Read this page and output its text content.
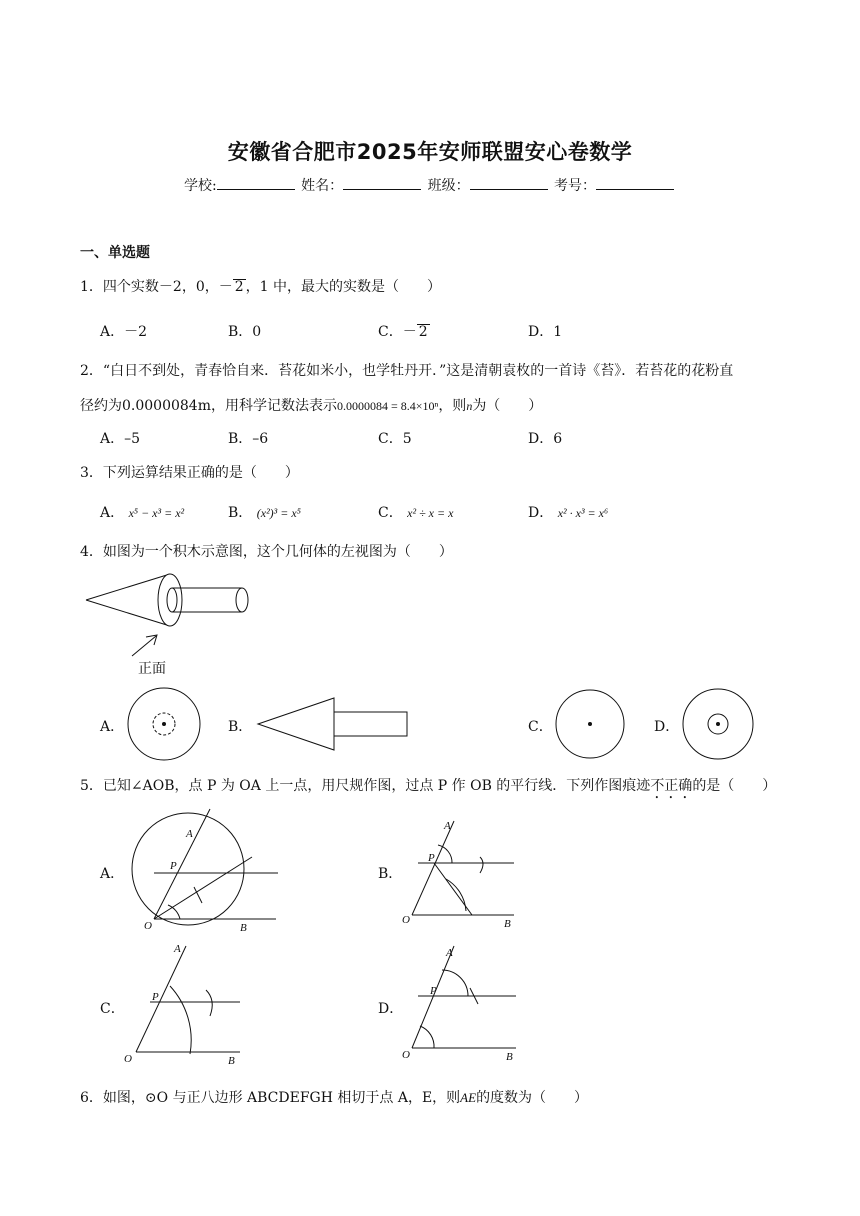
安徽省合肥市2025年安师联盟安心卷数学
学校:	姓名：	班级：	考号：
一、单选题
1．四个实数－2，0，－ 2 ，1 中，最大的实数是（　　）
A．－2	B．0	C．－ 2	D．1
2．“白日不到处，青春恰自来．苔花如米小，也学牡丹开．”这是清朝袁枚的一首诗《苔》．若苔花的花粉直
径约为0.0000084m，用科学记数法表示0.0000084 = 8.4×10ⁿ，则n为（　　）
A．–5	B．–6	C．5	D．6
3．下列运算结果正确的是（　　）
A． x⁵ − x³ = x²	B． (x²)³ = x⁵	C． x² ÷ x = x	D． x² · x³ = x⁶
4．如图为一个积木示意图，这个几何体的左视图为（　　）
正面
A．	B．	C．	D．
5．已知∠AOB，点 P 为 OA 上一点，用尺规作图，过点 P 作 OB 的平行线．下列作图痕迹不正确的是（　　）
A．
A
P
O	B
B．
A
P
O	B
C．
A
P
O	B
D．
A
P
O	B
6．如图，⊙O 与正八边形 ABCDEFGH 相切于点 A，E，则AE的度数为（　　）
